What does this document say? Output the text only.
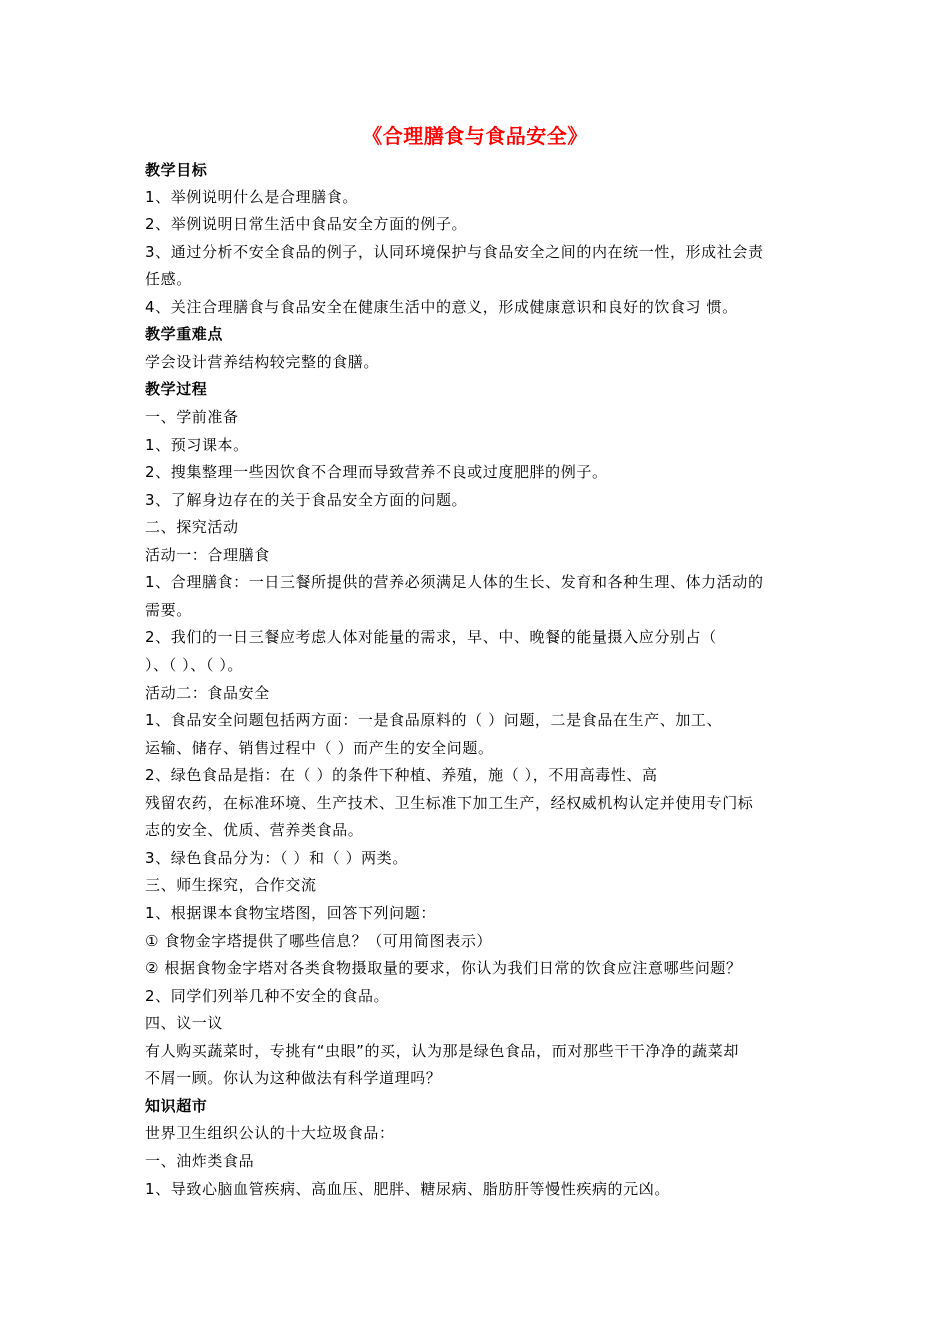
《合理膳食与食品安全》
教学目标
1、举例说明什么是合理膳食。
2、举例说明日常生活中食品安全方面的例子。
3、通过分析不安全食品的例子，认同环境保护与食品安全之间的内在统一性，形成社会责
任感。
4、关注合理膳食与食品安全在健康生活中的意义，形成健康意识和良好的饮食习 惯。
教学重难点
学会设计营养结构较完整的食膳。
教学过程
一、学前准备
1、预习课本。
2、搜集整理一些因饮食不合理而导致营养不良或过度肥胖的例子。
3、了解身边存在的关于食品安全方面的问题。
二、探究活动
活动一：合理膳食
1、合理膳食：一日三餐所提供的营养必须满足人体的生长、发育和各种生理、体力活动的
需要。
2、我们的一日三餐应考虑人体对能量的需求，早、中、晚餐的能量摄入应分别占（
）、（ ）、（ ）。
活动二：食品安全
1、食品安全问题包括两方面：一是食品原料的（ ）问题，二是食品在生产、加工、
运输、储存、销售过程中（ ）而产生的安全问题。
2、绿色食品是指：在（ ）的条件下种植、养殖，施（ ），不用高毒性、高
残留农药，在标准环境、生产技术、卫生标准下加工生产，经权威机构认定并使用专门标
志的安全、优质、营养类食品。
3、绿色食品分为：（ ）和（ ）两类。
三、师生探究，合作交流
1、根据课本食物宝塔图，回答下列问题：
① 食物金字塔提供了哪些信息？（可用简图表示）
② 根据食物金字塔对各类食物摄取量的要求，你认为我们日常的饮食应注意哪些问题？
2、同学们列举几种不安全的食品。
四、议一议
有人购买蔬菜时，专挑有“虫眼”的买，认为那是绿色食品，而对那些干干净净的蔬菜却
不屑一顾。你认为这种做法有科学道理吗？
知识超市
世界卫生组织公认的十大垃圾食品：
一、油炸类食品
1、导致心脑血管疾病、高血压、肥胖、糖尿病、脂肪肝等慢性疾病的元凶。
